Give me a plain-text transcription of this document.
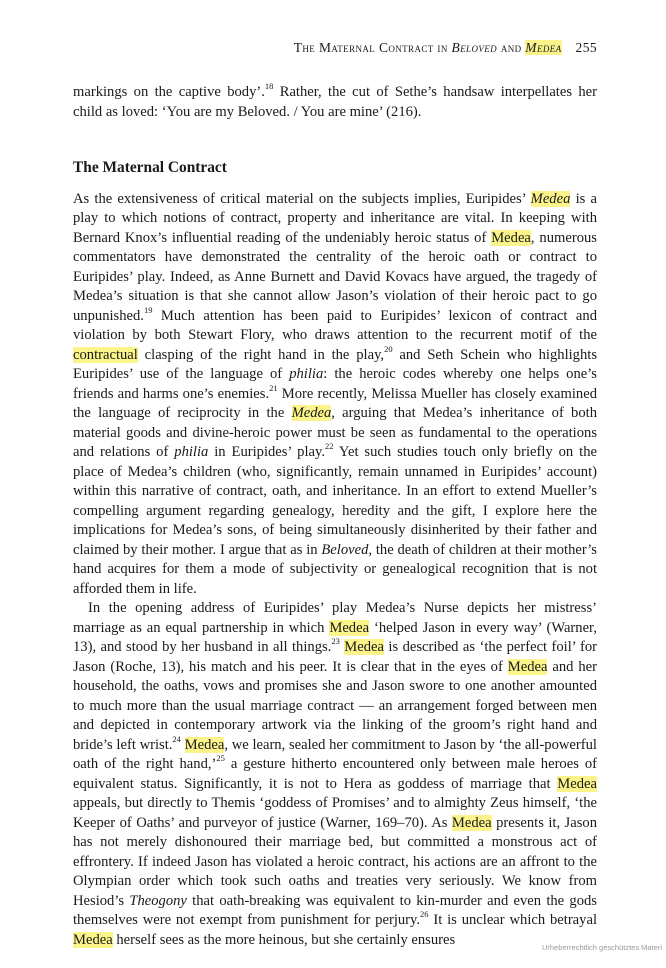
The Maternal Contract in Beloved and Medea 255

markings on the captive body’.$^{18}$ Rather, the cut of Sethe’s handsaw interpellates her child as loved: ‘You are my Beloved. / You are mine’ (216).

The Maternal Contract

As the extensiveness of critical material on the subjects implies, Euripides’ Medea is a play to which notions of contract, property and inheritance are vital. In keeping with Bernard Knox’s influential reading of the undeniably heroic status of Medea, numerous commentators have demonstrated the centrality of the heroic oath or contract to Euripides’ play. Indeed, as Anne Burnett and David Kovacs have argued, the tragedy of Medea’s situation is that she cannot allow Jason’s violation of their heroic pact to go unpunished.$^{19}$ Much attention has been paid to Euripides’ lexicon of contract and violation by both Stewart Flory, who draws attention to the recurrent motif of the contractual clasping of the right hand in the play,$^{20}$ and Seth Schein who highlights Euripides’ use of the language of philia: the heroic codes whereby one helps one’s friends and harms one’s enemies.$^{21}$ More recently, Melissa Mueller has closely examined the language of reciprocity in the Medea, arguing that Medea’s inheritance of both material goods and divine-heroic power must be seen as fundamental to the operations and relations of philia in Euripides’ play.$^{22}$ Yet such studies touch only briefly on the place of Medea’s children (who, significantly, remain unnamed in Euripides’ account) within this narrative of contract, oath, and inheritance. In an effort to extend Mueller’s compelling argument regarding genealogy, heredity and the gift, I explore here the implications for Medea’s sons, of being simultaneously disinherited by their father and claimed by their mother. I argue that as in Beloved, the death of children at their mother’s hand acquires for them a mode of subjectivity or genealogical recognition that is not afforded them in life.

In the opening address of Euripides’ play Medea’s Nurse depicts her mistress’ marriage as an equal partnership in which Medea ‘helped Jason in every way’ (Warner, 13), and stood by her husband in all things.$^{23}$ Medea is described as ‘the perfect foil’ for Jason (Roche, 13), his match and his peer. It is clear that in the eyes of Medea and her household, the oaths, vows and promises she and Jason swore to one another amounted to much more than the usual marriage contract — an arrangement forged between men and depicted in contemporary artwork via the linking of the groom’s right hand and bride’s left wrist.$^{24}$ Medea, we learn, sealed her commitment to Jason by ‘the all-powerful oath of the right hand,’$^{25}$ a gesture hitherto encountered only between male heroes of equivalent status. Significantly, it is not to Hera as goddess of marriage that Medea appeals, but directly to Themis ‘goddess of Promises’ and to almighty Zeus himself, ‘the Keeper of Oaths’ and purveyor of justice (Warner, 169–70). As Medea presents it, Jason has not merely dishonoured their marriage bed, but committed a monstrous act of effrontery. If indeed Jason has violated a heroic contract, his actions are an affront to the Olympian order which took such oaths and treaties very seriously. We know from Hesiod’s Theogony that oath-breaking was equivalent to kin-murder and even the gods themselves were not exempt from punishment for perjury.$^{26}$ It is unclear which betrayal Medea herself sees as the more heinous, but she certainly ensures	Urheberrechtlich geschütztes Materi
